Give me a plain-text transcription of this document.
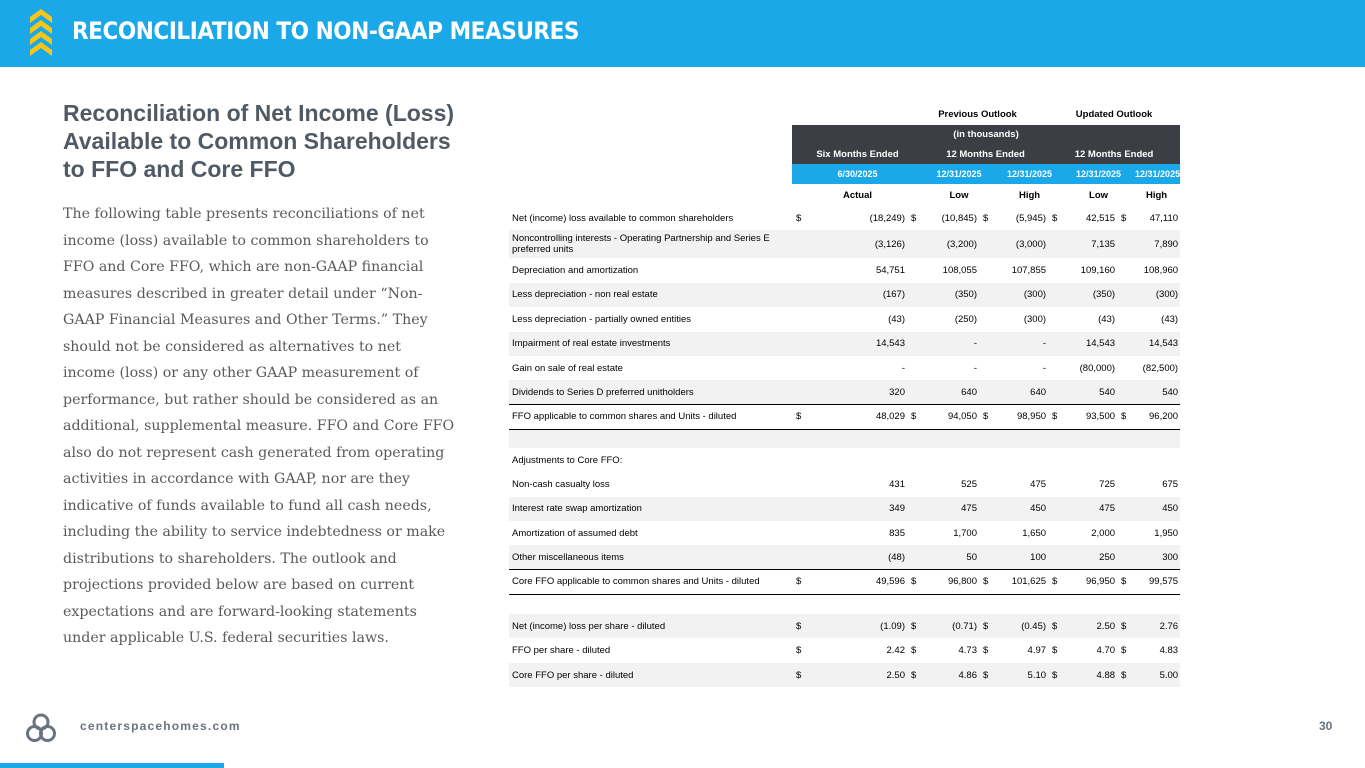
RECONCILIATION TO NON-GAAP MEASURES
Reconciliation of Net Income (Loss) Available to Common Shareholders to FFO and Core FFO
The following table presents reconciliations of net income (loss) available to common shareholders to FFO and Core FFO, which are non-GAAP financial measures described in greater detail under “Non-GAAP Financial Measures and Other Terms.” They should not be considered as alternatives to net income (loss) or any other GAAP measurement of performance, but rather should be considered as an additional, supplemental measure. FFO and Core FFO also do not represent cash generated from operating activities in accordance with GAAP, nor are they indicative of funds available to fund all cash needs, including the ability to service indebtedness or make distributions to shareholders. The outlook and projections provided below are based on current expectations and are forward-looking statements under applicable U.S. federal securities laws.
			Previous Outlook				Updated Outlook			
	(in thousands)									
	Six Months Ended			12 Months Ended			12 Months Ended			
	6/30/2025			12/31/2025		12/31/2025		12/31/2025		12/31/2025
	Actual			Low		High		Low		High
Net (income) loss available to common shareholders	$	(18,249)	$	(10,845)	$	(5,945)	$	42,515	$	47,110
Noncontrolling interests - Operating Partnership and Series E preferred units		(3,126)		(3,200)		(3,000)		7,135		7,890
Depreciation and amortization		54,751		108,055		107,855		109,160		108,960
Less depreciation - non real estate		(167)		(350)		(300)		(350)		(300)
Less depreciation - partially owned entities		(43)		(250)		(300)		(43)		(43)
Impairment of real estate investments		14,543		-		-		14,543		14,543
Gain on sale of real estate		-		-		-		(80,000)		(82,500)
Dividends to Series D preferred unitholders		320		640		640		540		540
FFO applicable to common shares and Units - diluted	$	48,029	$	94,050	$	98,950	$	93,500	$	96,200

Adjustments to Core FFO:										
Non-cash casualty loss		431		525		475		725		675
Interest rate swap amortization		349		475		450		475		450
Amortization of assumed debt		835		1,700		1,650		2,000		1,950
Other miscellaneous items		(48)		50		100		250		300
Core FFO applicable to common shares and Units - diluted	$	49,596	$	96,800	$	101,625	$	96,950	$	99,575

Net (income) loss per share - diluted	$	(1.09)	$	(0.71)	$	(0.45)	$	2.50	$	2.76
FFO per share - diluted	$	2.42	$	4.73	$	4.97	$	4.70	$	4.83
Core FFO per share - diluted	$	2.50	$	4.86	$	5.10	$	4.88	$	5.00
centerspacehomes.com	30
